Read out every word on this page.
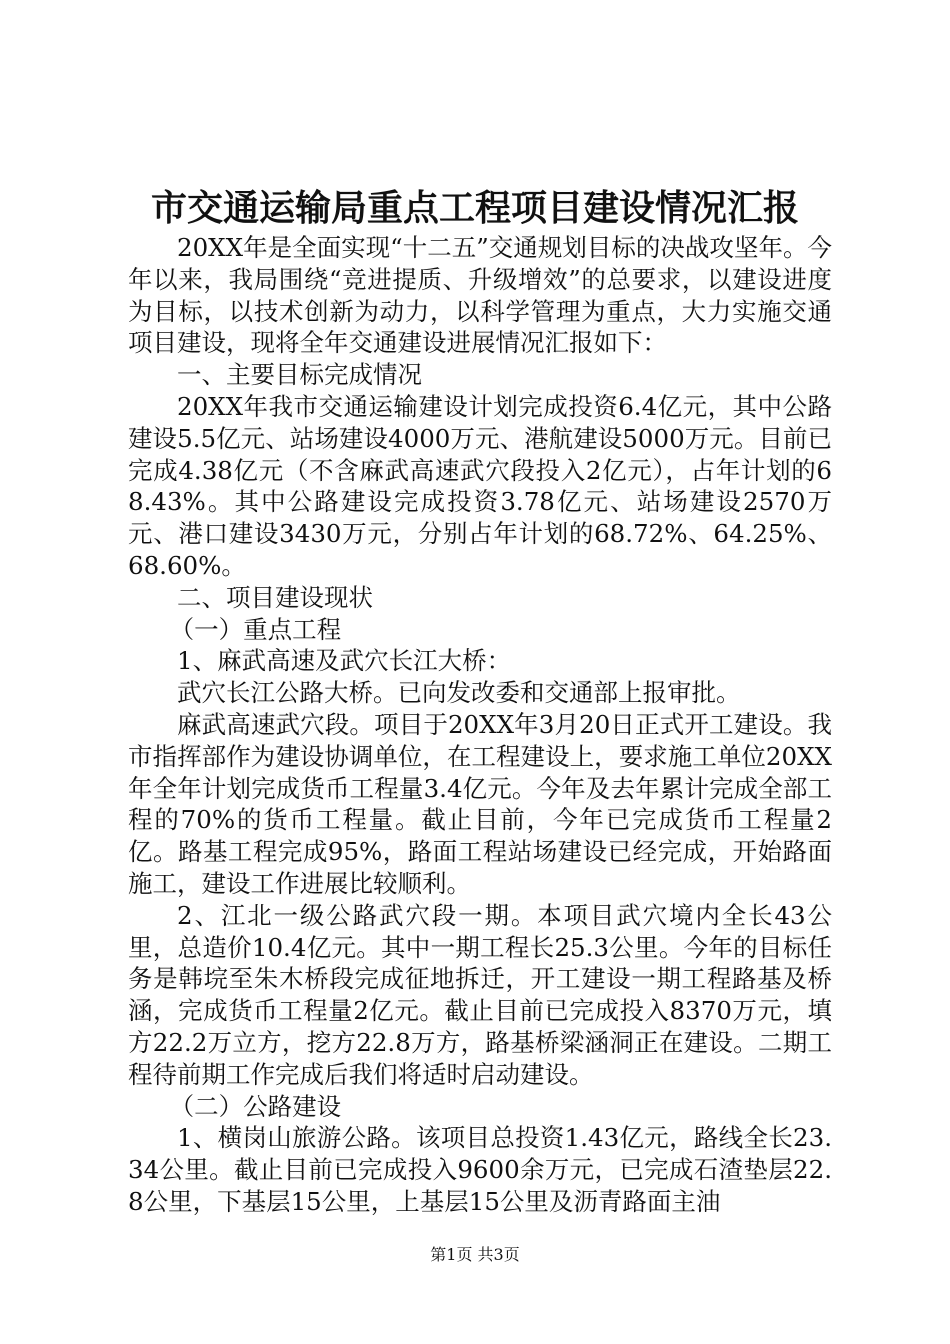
市交通运输局重点工程项目建设情况汇报

20XX年是全面实现“十二五”交通规划目标的决战攻坚年。今年以来，我局围绕“竞进提质、升级增效”的总要求，以建设进度为目标，以技术创新为动力，以科学管理为重点，大力实施交通项目建设，现将全年交通建设进展情况汇报如下：

一、主要目标完成情况

20XX年我市交通运输建设计划完成投资6.4亿元，其中公路建设5.5亿元、站场建设4000万元、港航建设5000万元。目前已完成4.38亿元（不含麻武高速武穴段投入2亿元），占年计划的68.43%。其中公路建设完成投资3.78亿元、站场建设2570万元、港口建设3430万元，分别占年计划的68.72%、64.25%、68.60%。

二、项目建设现状

（一）重点工程

1、麻武高速及武穴长江大桥：

武穴长江公路大桥。已向发改委和交通部上报审批。

麻武高速武穴段。项目于20XX年3月20日正式开工建设。我市指挥部作为建设协调单位，在工程建设上，要求施工单位20XX年全年计划完成货币工程量3.4亿元。今年及去年累计完成全部工程的70%的货币工程量。截止目前，今年已完成货币工程量2亿。路基工程完成95%，路面工程站场建设已经完成，开始路面施工，建设工作进展比较顺利。

2、江北一级公路武穴段一期。本项目武穴境内全长43公里，总造价10.4亿元。其中一期工程长25.3公里。今年的目标任务是韩垸至朱木桥段完成征地拆迁，开工建设一期工程路基及桥涵，完成货币工程量2亿元。截止目前已完成投入8370万元，填方22.2万立方，挖方22.8万方，路基桥梁涵洞正在建设。二期工程待前期工作完成后我们将适时启动建设。

（二）公路建设

1、横岗山旅游公路。该项目总投资1.43亿元，路线全长23.34公里。截止目前已完成投入9600余万元，已完成石渣垫层22.8公里，下基层15公里，上基层15公里及沥青路面主油

第1页 共3页
